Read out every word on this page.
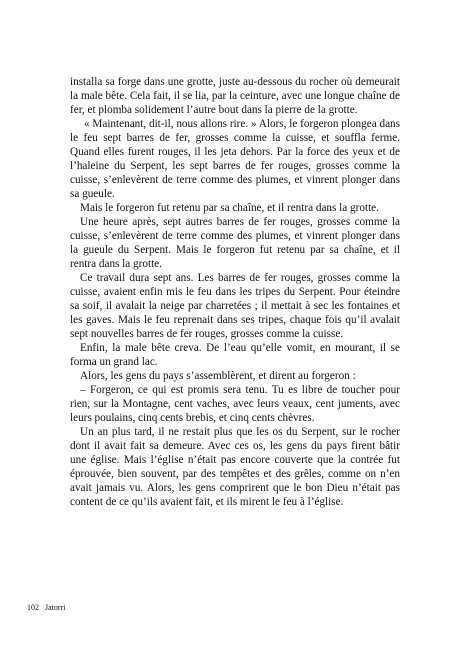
installa sa forge dans une grotte, juste au-dessous du rocher où demeurait la male bête. Cela fait, il se lia, par la ceinture, avec une longue chaîne de fer, et plomba solidement l’autre bout dans la pierre de la grotte.

« Maintenant, dit-il, nous allons rire. » Alors, le forgeron plongea dans le feu sept barres de fer, grosses comme la cuisse, et souffla ferme. Quand elles furent rouges, il les jeta dehors. Par la force des yeux et de l’haleine du Serpent, les sept barres de fer rouges, grosses comme la cuisse, s’enlevèrent de terre comme des plumes, et vinrent plonger dans sa gueule.

Mais le forgeron fut retenu par sa chaîne, et il rentra dans la grotte.

Une heure après, sept autres barres de fer rouges, grosses comme la cuisse, s’enlevèrent de terre comme des plumes, et vinrent plonger dans la gueule du Serpent. Mais le forgeron fut retenu par sa chaîne, et il rentra dans la grotte.

Ce travail dura sept ans. Les barres de fer rouges, grosses comme la cuisse, avaient enfin mis le feu dans les tripes du Serpent. Pour éteindre sa soif, il avalait la neige par charretées ; il mettait à sec les fontaines et les gaves. Mais le feu reprenait dans ses tripes, chaque fois qu’il avalait sept nouvelles barres de fer rouges, grosses comme la cuisse.

Enfin, la male bête creva. De l’eau qu’elle vomit, en mourant, il se forma un grand lac.

Alors, les gens du pays s’assemblèrent, et dirent au forgeron :

– Forgeron, ce qui est promis sera tenu. Tu es libre de toucher pour rien, sur la Montagne, cent vaches, avec leurs veaux, cent juments, avec leurs poulains, cinq cents brebis, et cinq cents chèvres.

Un an plus tard, il ne restait plus que les os du Serpent, sur le rocher dont il avait fait sa demeure. Avec ces os, les gens du pays firent bâtir une église. Mais l’église n’était pas encore couverte que la contrée fut éprouvée, bien souvent, par des tempêtes et des grêles, comme on n’en avait jamais vu. Alors, les gens comprirent que le bon Dieu n’était pas content de ce qu’ils avaient fait, et ils mirent le feu à l’église.

102 Jatorri
